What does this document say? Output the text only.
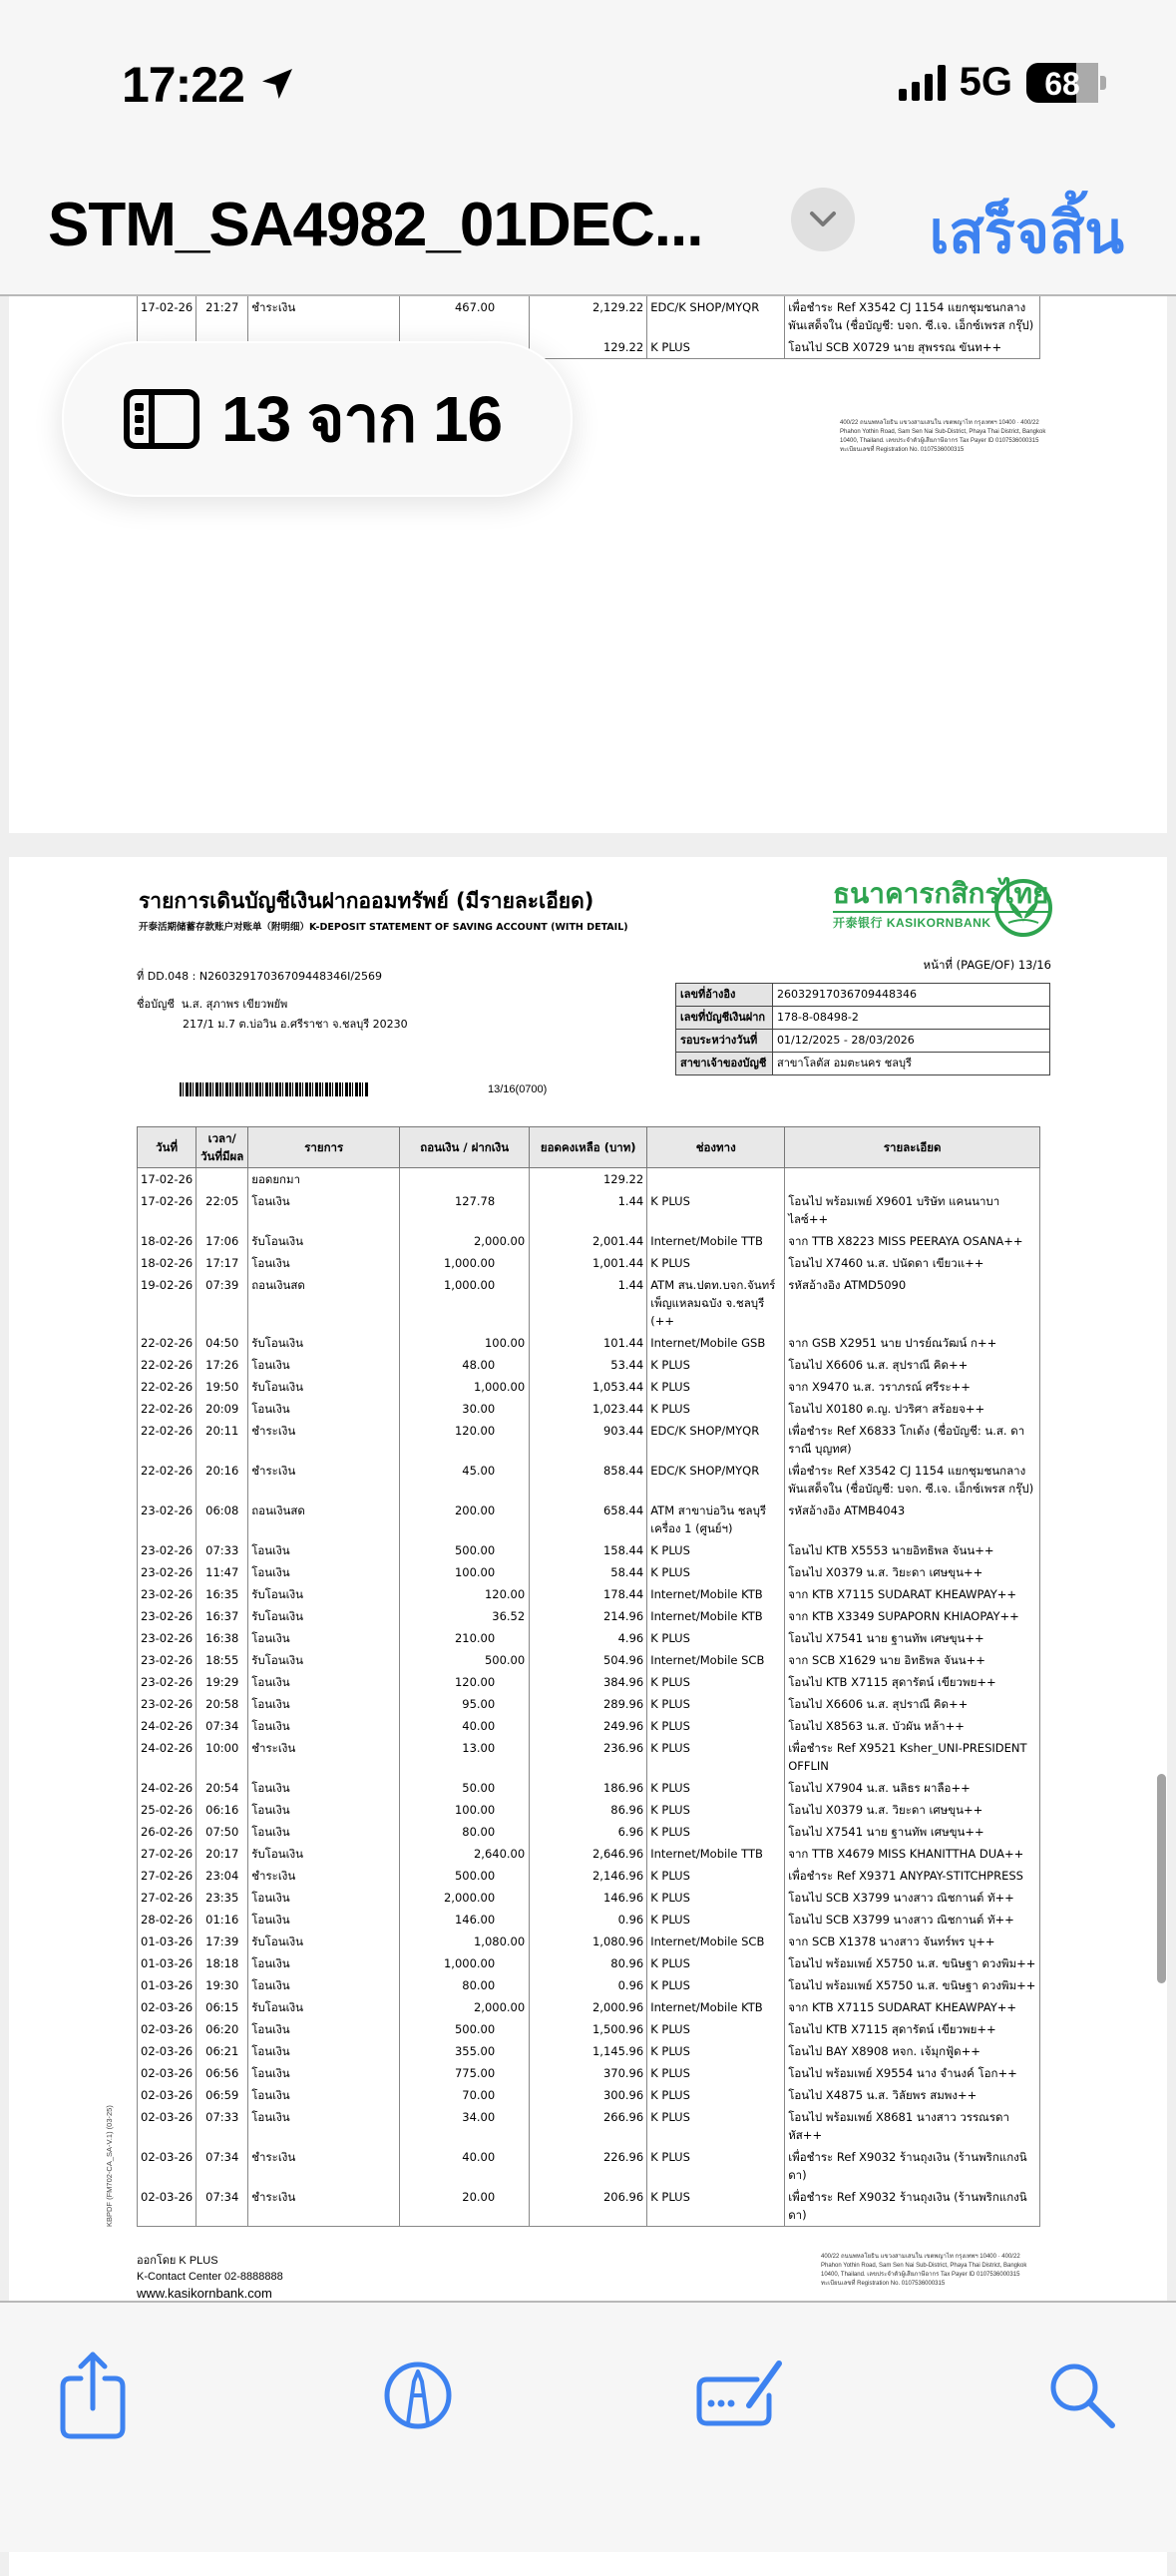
17:22	5G	68
STM_SA4982_01DEC...	เสร็จสิ้น

17-02-26	21:27	ชำระเงิน	467.00	2,129.22	EDC/K SHOP/MYQR	เพื่อชำระ Ref X3542 CJ 1154 แยกชุมชนกลาง พันเสด็จใน (ชื่อบัญชี: บจก. ซี.เจ. เอ็กซ์เพรส กรุ๊ป)
				129.22	K PLUS	โอนไป SCB X0729 นาย สุพรรณ ขันท++
400/22 ถนนพหลโยธิน แขวงสามเสนใน เขตพญาไท กรุงเทพฯ 10400 · 400/22 Phahon Yothin Road, Sam Sen Nai Sub-District, Phaya Thai District, Bangkok 10400, Thailand. เลขประจำตัวผู้เสียภาษีอากร Tax Payer ID 0107536000315 ทะเบียนเลขที่ Registration No. 0107536000315
รายการเดินบัญชีเงินฝากออมทรัพย์ (มีรายละเอียด)
开泰活期储蓄存款账户对账单（附明细）K-DEPOSIT STATEMENT OF SAVING ACCOUNT (WITH DETAIL)
ที่ DD.048 : N26032917036709448346I/2569
ชื่อบัญชี น.ส. สุภาพร เขียวพยัพ
217/1 ม.7 ต.บ่อวิน อ.ศรีราชา จ.ชลบุรี 20230
13/16(0700)
ธนาคารกสิกรไทย
开泰银行 KASIKORNBANK
หน้าที่ (PAGE/OF) 13/16
เลขที่อ้างอิง	26032917036709448346
เลขที่บัญชีเงินฝาก	178-8-08498-2
รอบระหว่างวันที่	01/12/2025 - 28/03/2026
สาขาเจ้าของบัญชี	สาขาโลตัส อมตะนคร ชลบุรี
วันที่	เวลา/ วันที่มีผล	รายการ	ถอนเงิน / ฝากเงิน	ยอดคงเหลือ (บาท)	ช่องทาง	รายละเอียด
17-02-26		ยอดยกมา		129.22		
17-02-26	22:05	โอนเงิน	127.78	1.44	K PLUS	โอนไป พร้อมเพย์ X9601 บริษัท แคนนาบาไลซ์++
18-02-26	17:06	รับโอนเงิน	2,000.00	2,001.44	Internet/Mobile TTB	จาก TTB X8223 MISS PEERAYA OSANA++
18-02-26	17:17	โอนเงิน	1,000.00	1,001.44	K PLUS	โอนไป X7460 น.ส. ปนัดดา เขียวแ++
19-02-26	07:39	ถอนเงินสด	1,000.00	1.44	ATM สน.ปตท.บจก.จันทร์ เพ็ญแหลมฉบัง จ.ชลบุรี (++	รหัสอ้างอิง ATMD5090
22-02-26	04:50	รับโอนเงิน	100.00	101.44	Internet/Mobile GSB	จาก GSB X2951 นาย ปารย์ณวัฒน์ ก++
22-02-26	17:26	โอนเงิน	48.00	53.44	K PLUS	โอนไป X6606 น.ส. สุปราณี คิด++
22-02-26	19:50	รับโอนเงิน	1,000.00	1,053.44	K PLUS	จาก X9470 น.ส. วราภรณ์ ศรีระ++
22-02-26	20:09	โอนเงิน	30.00	1,023.44	K PLUS	โอนไป X0180 ด.ญ. ปวริศา สร้อยจ++
22-02-26	20:11	ชำระเงิน	120.00	903.44	EDC/K SHOP/MYQR	เพื่อชำระ Ref X6833 โกเด้ง (ชื่อบัญชี: น.ส. ดาราณี บุญทศ)
22-02-26	20:16	ชำระเงิน	45.00	858.44	EDC/K SHOP/MYQR	เพื่อชำระ Ref X3542 CJ 1154 แยกชุมชนกลาง พันเสด็จใน (ชื่อบัญชี: บจก. ซี.เจ. เอ็กซ์เพรส กรุ๊ป)
23-02-26	06:08	ถอนเงินสด	200.00	658.44	ATM สาขาบ่อวิน ชลบุรี เครื่อง 1 (ศูนย์ฯ)	รหัสอ้างอิง ATMB4043
23-02-26	07:33	โอนเงิน	500.00	158.44	K PLUS	โอนไป KTB X5553 นายอิทธิพล จันน++
23-02-26	11:47	โอนเงิน	100.00	58.44	K PLUS	โอนไป X0379 น.ส. วิยะดา เศษขุน++
23-02-26	16:35	รับโอนเงิน	120.00	178.44	Internet/Mobile KTB	จาก KTB X7115 SUDARAT KHEAWPAY++
23-02-26	16:37	รับโอนเงิน	36.52	214.96	Internet/Mobile KTB	จาก KTB X3349 SUPAPORN KHIAOPAY++
23-02-26	16:38	โอนเงิน	210.00	4.96	K PLUS	โอนไป X7541 นาย ฐานทัพ เศษขุน++
23-02-26	18:55	รับโอนเงิน	500.00	504.96	Internet/Mobile SCB	จาก SCB X1629 นาย อิทธิพล จันน++
23-02-26	19:29	โอนเงิน	120.00	384.96	K PLUS	โอนไป KTB X7115 สุดารัตน์ เขียวพย++
23-02-26	20:58	โอนเงิน	95.00	289.96	K PLUS	โอนไป X6606 น.ส. สุปราณี คิด++
24-02-26	07:34	โอนเงิน	40.00	249.96	K PLUS	โอนไป X8563 น.ส. บัวผัน หล้า++
24-02-26	10:00	ชำระเงิน	13.00	236.96	K PLUS	เพื่อชำระ Ref X9521 Ksher_UNI-PRESIDENT OFFLIN
24-02-26	20:54	โอนเงิน	50.00	186.96	K PLUS	โอนไป X7904 น.ส. นลิธร ผาลือ++
25-02-26	06:16	โอนเงิน	100.00	86.96	K PLUS	โอนไป X0379 น.ส. วิยะดา เศษขุน++
26-02-26	07:50	โอนเงิน	80.00	6.96	K PLUS	โอนไป X7541 นาย ฐานทัพ เศษขุน++
27-02-26	20:17	รับโอนเงิน	2,640.00	2,646.96	Internet/Mobile TTB	จาก TTB X4679 MISS KHANITTHA DUA++
27-02-26	23:04	ชำระเงิน	500.00	2,146.96	K PLUS	เพื่อชำระ Ref X9371 ANYPAY-STITCHPRESS
27-02-26	23:35	โอนเงิน	2,000.00	146.96	K PLUS	โอนไป SCB X3799 นางสาว ณิชกานต์ ทั++
28-02-26	01:16	โอนเงิน	146.00	0.96	K PLUS	โอนไป SCB X3799 นางสาว ณิชกานต์ ทั++
01-03-26	17:39	รับโอนเงิน	1,080.00	1,080.96	Internet/Mobile SCB	จาก SCB X1378 นางสาว จันทร์พร บุ++
01-03-26	18:18	โอนเงิน	1,000.00	80.96	K PLUS	โอนไป พร้อมเพย์ X5750 น.ส. ขนิษฐา ดวงพิม++
01-03-26	19:30	โอนเงิน	80.00	0.96	K PLUS	โอนไป พร้อมเพย์ X5750 น.ส. ขนิษฐา ดวงพิม++
02-03-26	06:15	รับโอนเงิน	2,000.00	2,000.96	Internet/Mobile KTB	จาก KTB X7115 SUDARAT KHEAWPAY++
02-03-26	06:20	โอนเงิน	500.00	1,500.96	K PLUS	โอนไป KTB X7115 สุดารัตน์ เขียวพย++
02-03-26	06:21	โอนเงิน	355.00	1,145.96	K PLUS	โอนไป BAY X8908 หจก. เจ้มุกฟู้ด++
02-03-26	06:56	โอนเงิน	775.00	370.96	K PLUS	โอนไป พร้อมเพย์ X9554 นาง จำนงค์ โอก++
02-03-26	06:59	โอนเงิน	70.00	300.96	K PLUS	โอนไป X4875 น.ส. วิลัยพร สมพง++
02-03-26	07:33	โอนเงิน	34.00	266.96	K PLUS	โอนไป พร้อมเพย์ X8681 นางสาว วรรณรดา หัส++
02-03-26	07:34	ชำระเงิน	40.00	226.96	K PLUS	เพื่อชำระ Ref X9032 ร้านถุงเงิน (ร้านพริกแกงนิดา)
02-03-26	07:34	ชำระเงิน	20.00	206.96	K PLUS	เพื่อชำระ Ref X9032 ร้านถุงเงิน (ร้านพริกแกงนิดา)
ออกโดย K PLUS
K-Contact Center 02-8888888
www.kasikornbank.com
400/22 ถนนพหลโยธิน แขวงสามเสนใน เขตพญาไท กรุงเทพฯ 10400 · 400/22 Phahon Yothin Road, Sam Sen Nai Sub-District, Phaya Thai District, Bangkok 10400, Thailand. เลขประจำตัวผู้เสียภาษีอากร Tax Payer ID 0107536000315 ทะเบียนเลขที่ Registration No. 0107536000315
KBPDF (FM702-CA_SA-V.1) (03-25)
13 จาก 16
